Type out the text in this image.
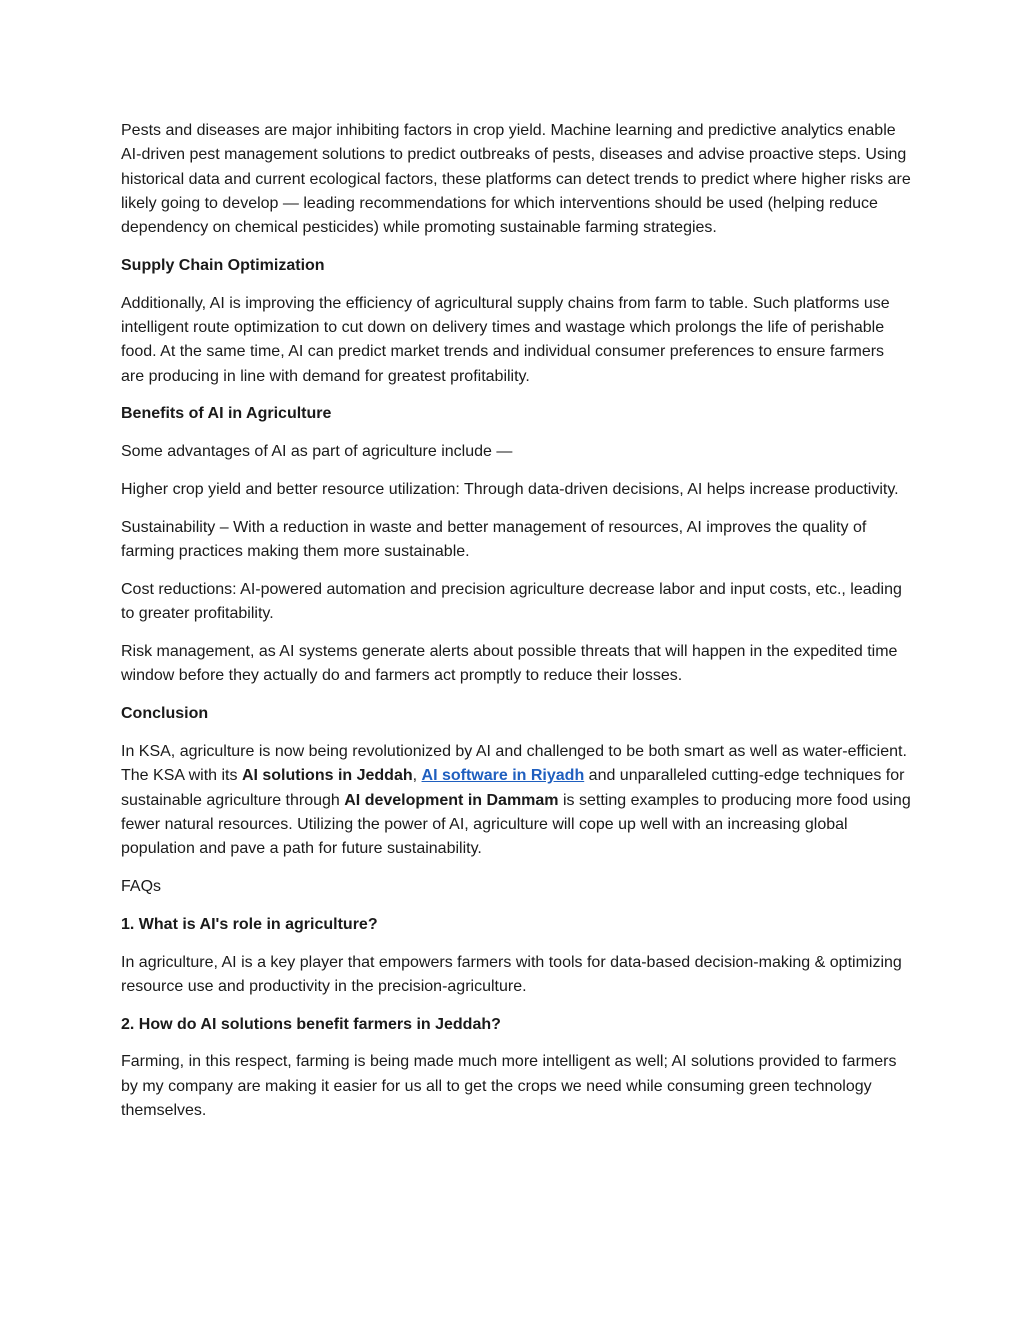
Pests and diseases are major inhibiting factors in crop yield. Machine learning and predictive analytics enable AI-driven pest management solutions to predict outbreaks of pests, diseases and advise proactive steps. Using historical data and current ecological factors, these platforms can detect trends to predict where higher risks are likely going to develop — leading recommendations for which interventions should be used (helping reduce dependency on chemical pesticides) while promoting sustainable farming strategies.

Supply Chain Optimization

Additionally, AI is improving the efficiency of agricultural supply chains from farm to table. Such platforms use intelligent route optimization to cut down on delivery times and wastage which prolongs the life of perishable food. At the same time, AI can predict market trends and individual consumer preferences to ensure farmers are producing in line with demand for greatest profitability.

Benefits of AI in Agriculture

Some advantages of AI as part of agriculture include —

Higher crop yield and better resource utilization: Through data-driven decisions, AI helps increase productivity.

Sustainability – With a reduction in waste and better management of resources, AI improves the quality of farming practices making them more sustainable.

Cost reductions: AI-powered automation and precision agriculture decrease labor and input costs, etc., leading to greater profitability.

Risk management, as AI systems generate alerts about possible threats that will happen in the expedited time window before they actually do and farmers act promptly to reduce their losses.

Conclusion

In KSA, agriculture is now being revolutionized by AI and challenged to be both smart as well as water-efficient. The KSA with its AI solutions in Jeddah, AI software in Riyadh and unparalleled cutting-edge techniques for sustainable agriculture through AI development in Dammam is setting examples to producing more food using fewer natural resources. Utilizing the power of AI, agriculture will cope up well with an increasing global population and pave a path for future sustainability.

FAQs

1. What is AI's role in agriculture?

In agriculture, AI is a key player that empowers farmers with tools for data-based decision-making & optimizing resource use and productivity in the precision-agriculture.

2. How do AI solutions benefit farmers in Jeddah?

Farming, in this respect, farming is being made much more intelligent as well; AI solutions provided to farmers by my company are making it easier for us all to get the crops we need while consuming green technology themselves.
